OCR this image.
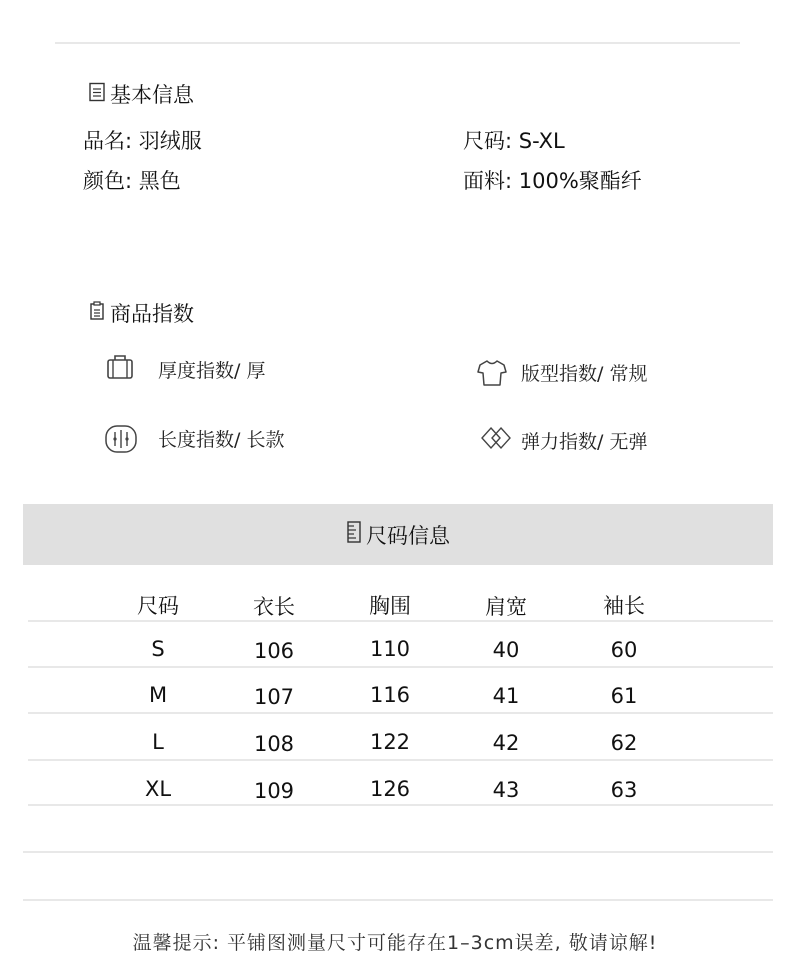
基本信息
品名: 羽绒服	尺码: S-XL
颜色: 黑色	面料: 100%聚酯纤
商品指数
厚度指数/ 厚	版型指数/ 常规
长度指数/ 长款	弹力指数/ 无弹
尺码信息
尺码	衣长	胸围	肩宽	袖长
S	106	110	40	60
M	107	116	41	61
L	108	122	42	62
XL	109	126	43	63
温馨提示: 平铺图测量尺寸可能存在1–3cm误差, 敬请谅解!
